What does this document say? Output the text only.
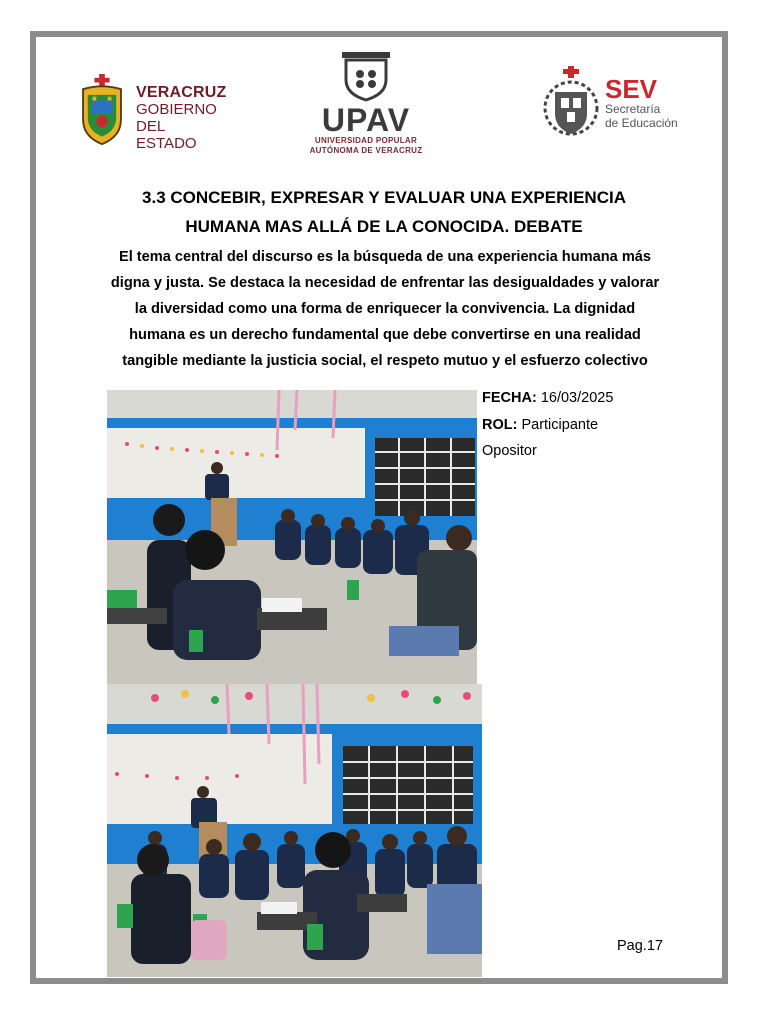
VERACRUZ
GOBIERNO
DEL ESTADO
UPAV
UNIVERSIDAD POPULAR
AUTÓNOMA DE VERACRUZ
SEV
Secretaría
de Educación
3.3 CONCEBIR, EXPRESAR Y EVALUAR UNA EXPERIENCIA
HUMANA MAS ALLÁ DE LA CONOCIDA. DEBATE
El tema central del discurso es la búsqueda de una experiencia humana más
digna y justa. Se destaca la necesidad de enfrentar las desigualdades y valorar
la diversidad como una forma de enriquecer la convivencia. La dignidad
humana es un derecho fundamental que debe convertirse en una realidad
tangible mediante la justicia social, el respeto mutuo y el esfuerzo colectivo
FECHA: 16/03/2025
ROL: Participante
Opositor
Pag.17
